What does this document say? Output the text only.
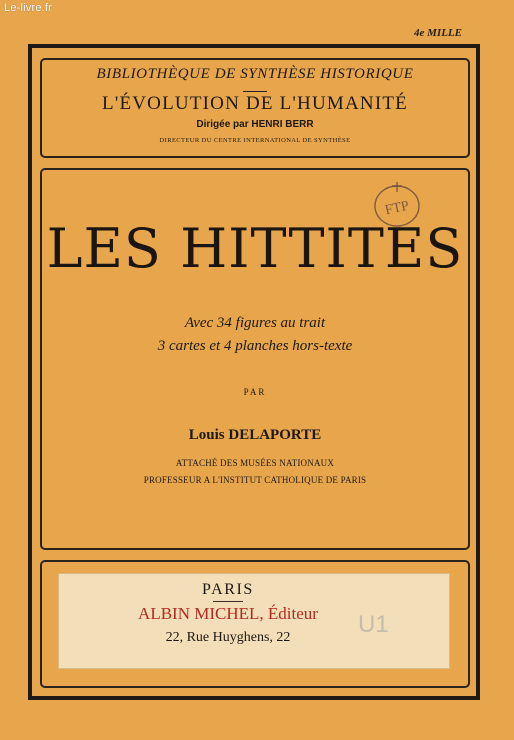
Le-livre.fr
4e MILLE
BIBLIOTHÈQUE DE SYNTHÈSE HISTORIQUE
L'ÉVOLUTION DE L'HUMANITÉ
Dirigée par HENRI BERR
DIRECTEUR DU CENTRE INTERNATIONAL DE SYNTHÈSE
FTP
LES HITTITES
Avec 34 figures au trait
3 cartes et 4 planches hors-texte
PAR
Louis DELAPORTE
ATTACHÉ DES MUSÉES NATIONAUX
PROFESSEUR A L'INSTITUT CATHOLIQUE DE PARIS
PARIS
ALBIN MICHEL, Éditeur
22, Rue Huyghens, 22	U1
